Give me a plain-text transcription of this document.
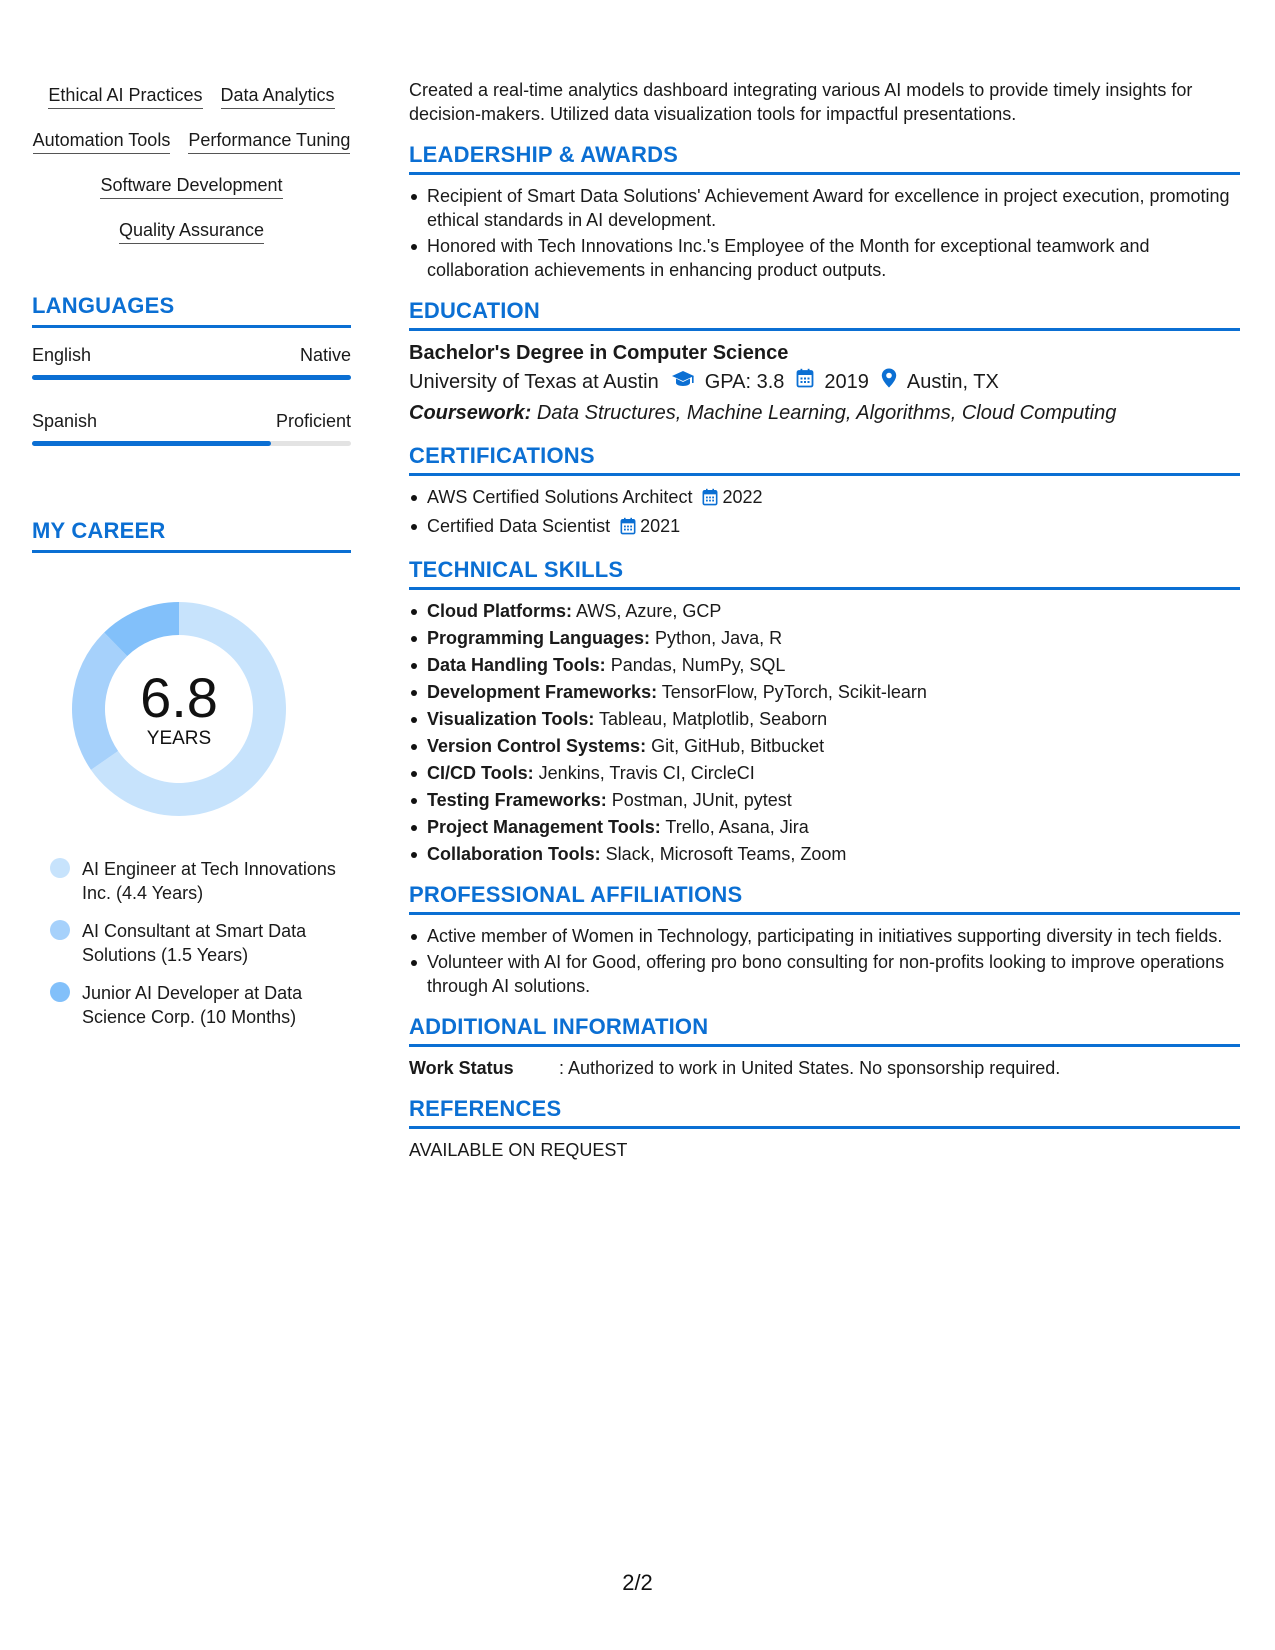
Ethical AI Practices Data Analytics
Automation Tools Performance Tuning
Software Development
Quality Assurance
LANGUAGES
English	Native
Spanish	Proficient
MY CAREER
6.8
YEARS
AI Engineer at Tech Innovations Inc. (4.4 Years)
AI Consultant at Smart Data Solutions (1.5 Years)
Junior AI Developer at Data Science Corp. (10 Months)

Created a real-time analytics dashboard integrating various AI models to provide timely insights for decision-makers. Utilized data visualization tools for impactful presentations.

LEADERSHIP & AWARDS
Recipient of Smart Data Solutions' Achievement Award for excellence in project execution, promoting ethical standards in AI development.
Honored with Tech Innovations Inc.'s Employee of the Month for exceptional teamwork and collaboration achievements in enhancing product outputs.
EDUCATION

Bachelor's Degree in Computer Science

University of Texas at Austin GPA: 3.8 2019 Austin, TX
Coursework: Data Structures, Machine Learning, Algorithms, Cloud Computing
CERTIFICATIONS
AWS Certified Solutions Architect 2022
Certified Data Scientist 2021
TECHNICAL SKILLS
Cloud Platforms: AWS, Azure, GCP
Programming Languages: Python, Java, R
Data Handling Tools: Pandas, NumPy, SQL
Development Frameworks: TensorFlow, PyTorch, Scikit-learn
Visualization Tools: Tableau, Matplotlib, Seaborn
Version Control Systems: Git, GitHub, Bitbucket
CI/CD Tools: Jenkins, Travis CI, CircleCI
Testing Frameworks: Postman, JUnit, pytest
Project Management Tools: Trello, Asana, Jira
Collaboration Tools: Slack, Microsoft Teams, Zoom
PROFESSIONAL AFFILIATIONS
Active member of Women in Technology, participating in initiatives supporting diversity in tech fields.
Volunteer with AI for Good, offering pro bono consulting for non-profits looking to improve operations through AI solutions.
ADDITIONAL INFORMATION
Work Status	: Authorized to work in United States. No sponsorship required.
REFERENCES

AVAILABLE ON REQUEST

2/2
